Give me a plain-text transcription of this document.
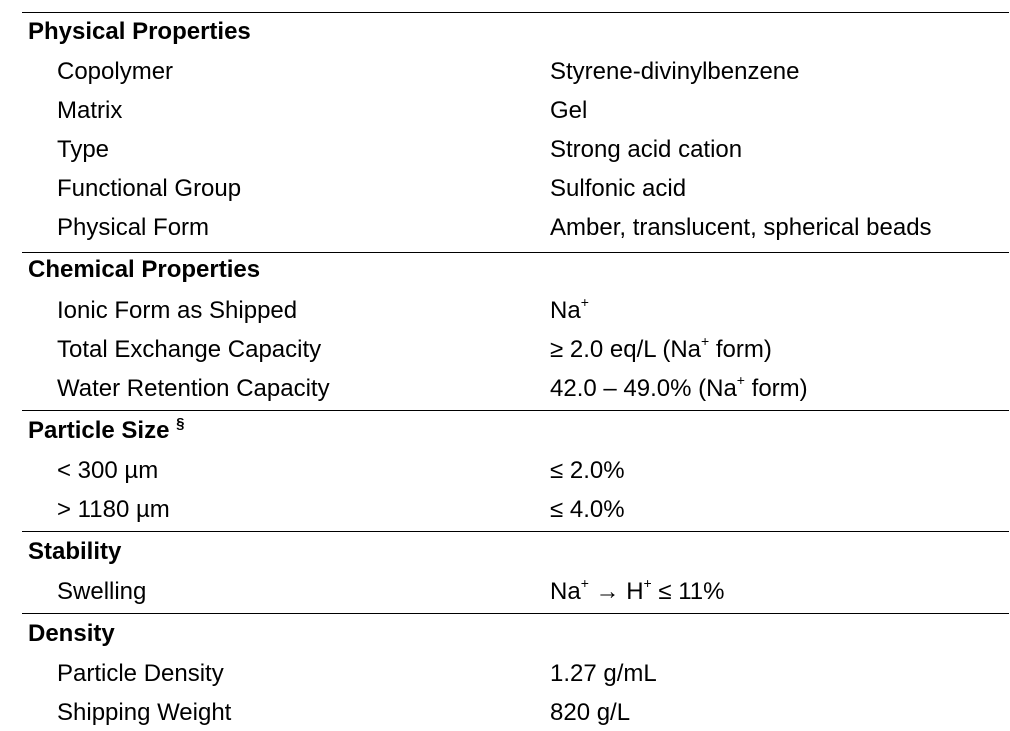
Physical Properties
Copolymer	Styrene-divinylbenzene
Matrix	Gel
Type	Strong acid cation
Functional Group	Sulfonic acid
Physical Form	Amber, translucent, spherical beads
Chemical Properties
Ionic Form as Shipped	Na+
Total Exchange Capacity	≥ 2.0 eq/L (Na+ form)
Water Retention Capacity	42.0 – 49.0% (Na+ form)
Particle Size §
< 300 µm	≤ 2.0%
> 1180 µm	≤ 4.0%
Stability
Swelling	Na+ → H+ ≤ 11%
Density
Particle Density	1.27 g/mL
Shipping Weight	820 g/L
